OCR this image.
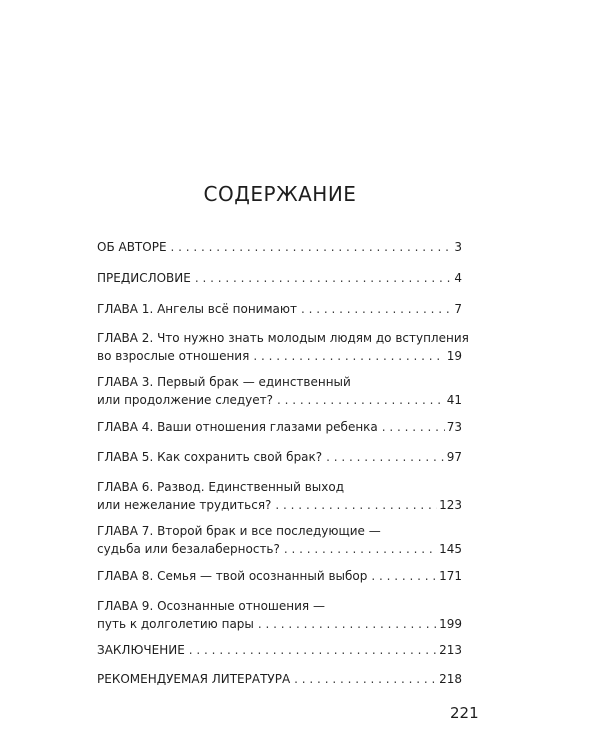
СОДЕРЖАНИЕ
ОБ АВТОРЕ . . .	3
ПРЕДИСЛОВИЕ . . .	4
ГЛАВА 1. Ангелы всё понимают . . .	7
ГЛАВА 2. Что нужно знать молодым людям до вступления
во взрослые отношения . . .	19
ГЛАВА 3. Первый брак — единственный
или продолжение следует? . . .	41
ГЛАВА 4. Ваши отношения глазами ребенка . . .	73
ГЛАВА 5. Как сохранить свой брак? . . .	97
ГЛАВА 6. Развод. Единственный выход
или нежелание трудиться? . . .	123
ГЛАВА 7. Второй брак и все последующие —
судьба или безалаберность? . . .	145
ГЛАВА 8. Семья — твой осознанный выбор . . .	171
ГЛАВА 9. Осознанные отношения —
путь к долголетию пары . . .	199
ЗАКЛЮЧЕНИЕ . . .	213
РЕКОМЕНДУЕМАЯ ЛИТЕРАТУРА . . .	218
221
